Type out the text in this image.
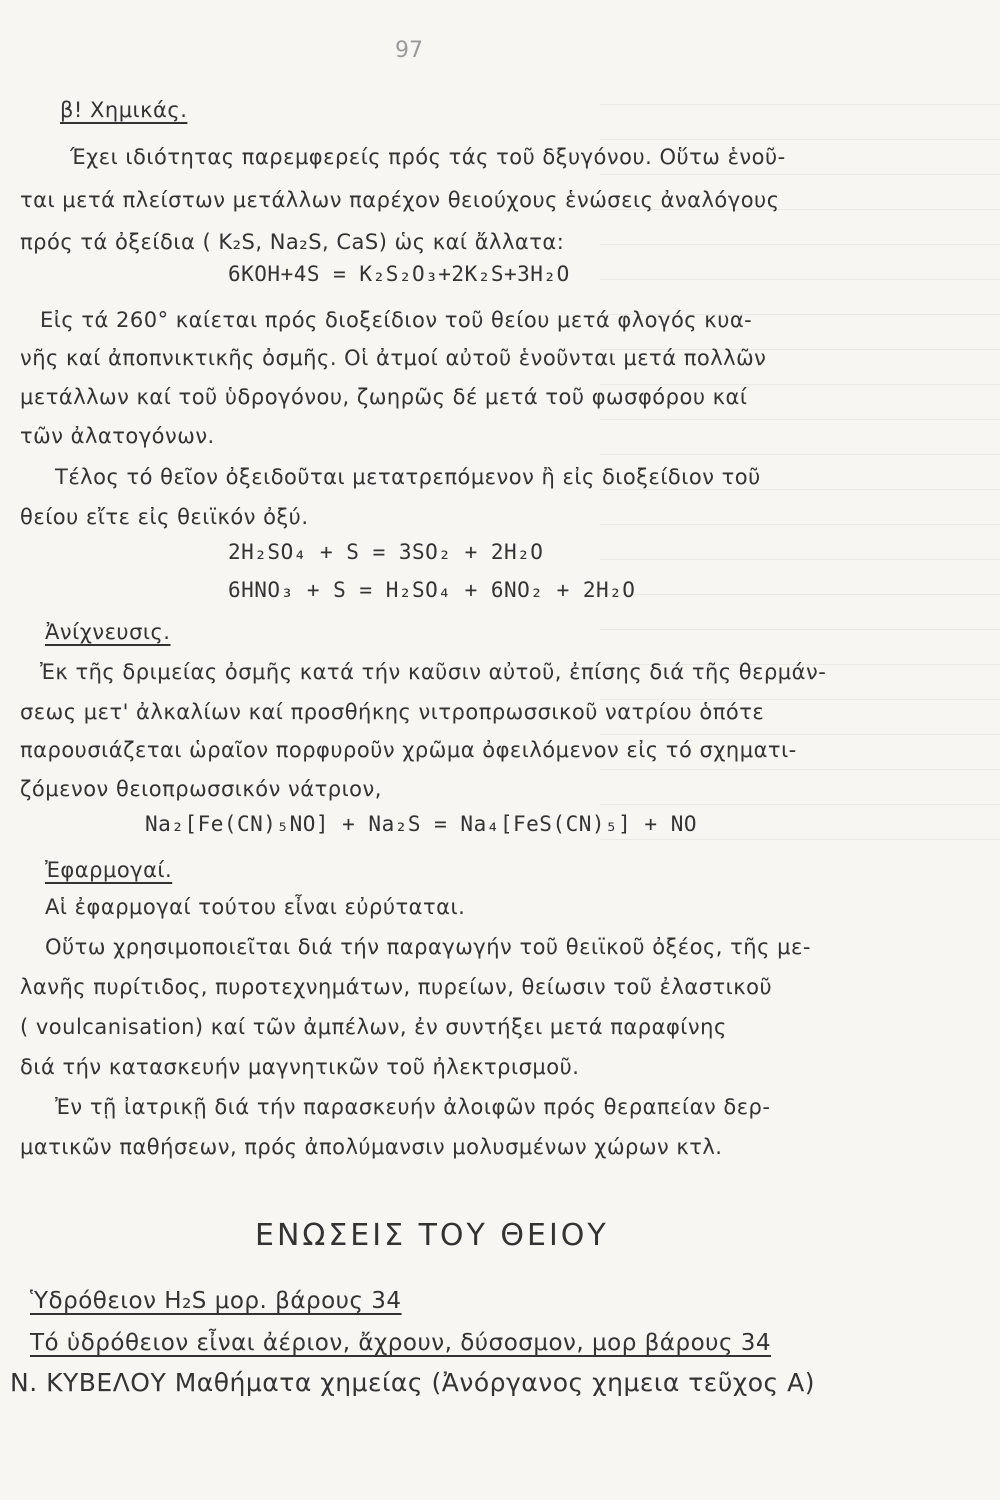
97
β! Χημικάς.
Έχει ιδιότητας παρεμφερείς πρός τάς τοῦ δξυγόνου. Οὕτω ἑνοῦ-
ται μετά πλείστων μετάλλων παρέχον θειούχους ἑνώσεις ἀναλόγους
πρός τά ὀξείδια ( K₂S, Na₂S, CaS) ὡς καί ἄλλατα:
6KOH+4S = K₂S₂O₃+2K₂S+3H₂O
Εἰς τά 260° καίεται πρός διοξείδιον τοῦ θείου μετά φλογός κυα-
νῆς καί ἀποπνικτικῆς ὀσμῆς. Οἱ ἀτμοί αὐτοῦ ἑνοῦνται μετά πολλῶν
μετάλλων καί τοῦ ὑδρογόνου, ζωηρῶς δέ μετά τοῦ φωσφόρου καί
τῶν ἀλατογόνων.
Τέλος τό θεῖον ὀξειδοῦται μετατρεπόμενον ἢ εἰς διοξείδιον τοῦ
θείου εἴτε εἰς θειϊκόν ὀξύ.
2H₂SO₄ + S = 3SO₂ + 2H₂O
6HNO₃ + S = H₂SO₄ + 6NO₂ + 2H₂O
Ἀνίχνευσις.
Ἐκ τῆς δριμείας ὀσμῆς κατά τήν καῦσιν αὐτοῦ, ἐπίσης διά τῆς θερμάν-
σεως μετ' ἀλκαλίων καί προσθήκης νιτροπρωσσικοῦ νατρίου ὁπότε
παρουσιάζεται ὡραῖον πορφυροῦν χρῶμα ὀφειλόμενον εἰς τό σχηματι-
ζόμενον θειοπρωσσικόν νάτριον,
Na₂[Fe(CN)₅NO] + Na₂S = Na₄[FeS(CN)₅] + NO
Ἐφαρμογαί.
Αἱ ἐφαρμογαί τούτου εἶναι εὐρύταται.
Οὕτω χρησιμοποιεῖται διά τήν παραγωγήν τοῦ θειϊκοῦ ὀξέος, τῆς με-
λανῆς πυρίτιδος, πυροτεχνημάτων, πυρείων, θείωσιν τοῦ ἐλαστικοῦ
( voulcanisation) καί τῶν ἀμπέλων, ἐν συντήξει μετά παραφίνης
διά τήν κατασκευήν μαγνητικῶν τοῦ ἠλεκτρισμοῦ.
Ἐν τῇ ἰατρικῇ διά τήν παρασκευήν ἀλοιφῶν πρός θεραπείαν δερ-
ματικῶν παθήσεων, πρός ἀπολύμανσιν μολυσμένων χώρων κτλ.
ΕΝΩΣΕΙΣ ΤΟΥ ΘΕΙΟΥ
Ὑδρόθειον H₂S μορ. βάρους 34
Τό ὑδρόθειον εἶναι ἀέριον, ἄχρουν, δύσοσμον, μορ βάρους 34
Ν. ΚΥΒΕΛΟΥ Μαθήματα χημείας (Ἀνόργανος χημεια τεῦχος Α)
